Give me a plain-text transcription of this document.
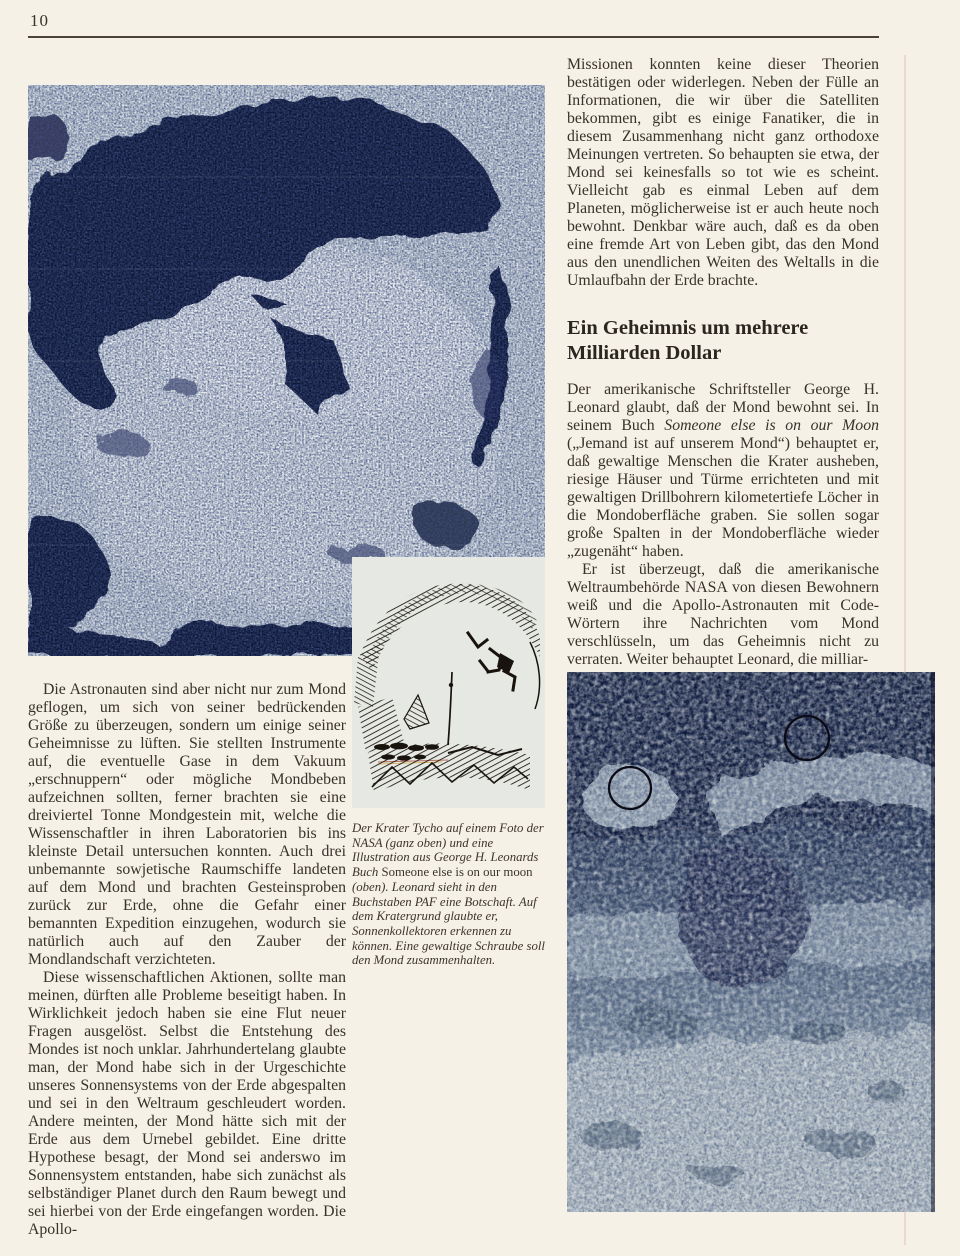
10
Der Krater Tycho auf einem Foto der NASA (ganz oben) und eine Illustration aus George H. Leonards Buch Someone else is on our moon (oben). Leonard sieht in den Buchstaben PAF eine Botschaft. Auf dem Kratergrund glaubte er, Sonnenkollektoren erkennen zu können. Eine gewaltige Schraube soll den Mond zusammenhalten.

Missionen konnten keine dieser Theorien bestätigen oder widerlegen. Neben der Fülle an Informationen, die wir über die Satelliten bekommen, gibt es einige Fanatiker, die in diesem Zusammenhang nicht ganz orthodoxe Meinungen vertreten. So behaupten sie etwa, der Mond sei keinesfalls so tot wie es scheint. Vielleicht gab es einmal Leben auf dem Planeten, möglicherweise ist er auch heute noch bewohnt. Denkbar wäre auch, daß es da oben eine fremde Art von Leben gibt, das den Mond aus den unendlichen Weiten des Weltalls in die Umlaufbahn der Erde brachte.

Ein Geheimnis um mehrere
Milliarden Dollar

Der amerikanische Schriftsteller George H. Leonard glaubt, daß der Mond bewohnt sei. In seinem Buch Someone else is on our Moon („Jemand ist auf unserem Mond“) behauptet er, daß gewaltige Menschen die Krater ausheben, riesige Häuser und Türme errichteten und mit gewaltigen Drillbohrern kilometertiefe Löcher in die Mondoberfläche graben. Sie sollen sogar große Spalten in der Mondoberfläche wieder „zugenäht“ haben.

Er ist überzeugt, daß die amerikanische Weltraumbehörde NASA von diesen Bewohnern weiß und die Apollo-Astronauten mit Code-Wörtern ihre Nachrichten vom Mond verschlüsseln, um das Geheimnis nicht zu verraten. Weiter behauptet Leonard, die milliar-

Die Astronauten sind aber nicht nur zum Mond geflogen, um sich von seiner bedrückenden Größe zu überzeugen, sondern um einige seiner Geheimnisse zu lüften. Sie stellten Instrumente auf, die eventuelle Gase in dem Vakuum „erschnuppern“ oder mögliche Mondbeben aufzeichnen sollten, ferner brachten sie eine dreiviertel Tonne Mondgestein mit, welche die Wissenschaftler in ihren Laboratorien bis ins kleinste Detail untersuchen konnten. Auch drei unbemannte sowjetische Raumschiffe landeten auf dem Mond und brachten Gesteinsproben zurück zur Erde, ohne die Gefahr einer bemannten Expedition einzugehen, wodurch sie natürlich auch auf den Zauber der Mondlandschaft verzichteten.

Diese wissenschaftlichen Aktionen, sollte man meinen, dürften alle Probleme beseitigt haben. In Wirklichkeit jedoch haben sie eine Flut neuer Fragen ausgelöst. Selbst die Entstehung des Mondes ist noch unklar. Jahrhundertelang glaubte man, der Mond habe sich in der Urgeschichte unseres Sonnensystems von der Erde abgespalten und sei in den Weltraum geschleudert worden. Andere meinten, der Mond hätte sich mit der Erde aus dem Urnebel gebildet. Eine dritte Hypothese besagt, der Mond sei anderswo im Sonnensystem entstanden, habe sich zunächst als selbständiger Planet durch den Raum bewegt und sei hierbei von der Erde eingefangen worden. Die Apollo-
